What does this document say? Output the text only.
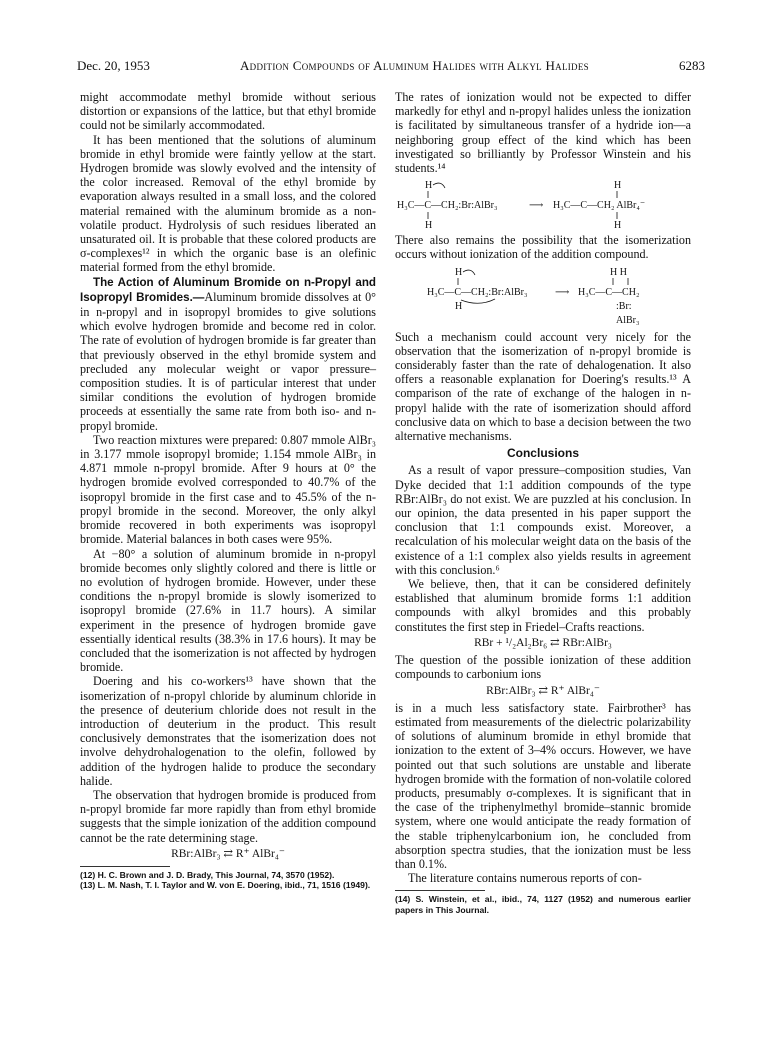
Dec. 20, 1953	Addition Compounds of Aluminum Halides with Alkyl Halides	6283

might accommodate methyl bromide without serious distortion or expansions of the lattice, but that ethyl bromide could not be similarly accommodated.

It has been mentioned that the solutions of aluminum bromide in ethyl bromide were faintly yellow at the start. Hydrogen bromide was slowly evolved and the intensity of the color increased. Removal of the ethyl bromide by evaporation always resulted in a small loss, and the colored material remained with the aluminum bromide as a non-volatile product. Hydrolysis of such residues liberated an unsaturated oil. It is probable that these colored products are σ-complexes¹² in which the organic base is an olefinic material formed from the ethyl bromide.

The Action of Aluminum Bromide on n-Propyl and Isopropyl Bromides.—Aluminum bromide dissolves at 0° in n-propyl and in isopropyl bromides to give solutions which evolve hydrogen bromide and become red in color. The rate of evolution of hydrogen bromide is far greater than that previously observed in the ethyl bromide system and precluded any molecular weight or vapor pressure–composition studies. It is of particular interest that under similar conditions the evolution of hydrogen bromide proceeds at essentially the same rate from both iso- and n-propyl bromide.

Two reaction mixtures were prepared: 0.807 mmole AlBr₃ in 3.177 mmole isopropyl bromide; 1.154 mmole AlBr₃ in 4.871 mmole n-propyl bromide. After 9 hours at 0° the hydrogen bromide evolved corresponded to 40.7% of the isopropyl bromide in the first case and to 45.5% of the n-propyl bromide in the second. Moreover, the only alkyl bromide recovered in both experiments was isopropyl bromide. Material balances in both cases were 95%.

At −80° a solution of aluminum bromide in n-propyl bromide becomes only slightly colored and there is little or no evolution of hydrogen bromide. However, under these conditions the n-propyl bromide is slowly isomerized to isopropyl bromide (27.6% in 11.7 hours). A similar experiment in the presence of hydrogen bromide gave essentially identical results (38.3% in 17.6 hours). It may be concluded that the isomerization is not affected by hydrogen bromide.

Doering and his co-workers¹³ have shown that the isomerization of n-propyl chloride by aluminum chloride in the presence of deuterium chloride does not result in the introduction of deuterium in the product. This result conclusively demonstrates that the isomerization does not involve dehydrohalogenation to the olefin, followed by addition of the hydrogen halide to produce the secondary halide.

The observation that hydrogen bromide is produced from n-propyl bromide far more rapidly than from ethyl bromide suggests that the simple ionization of the addition compound cannot be the rate determining stage.

RBr:AlBr₃ ⇄ R⁺ AlBr₄⁻
(12) H. C. Brown and J. D. Brady, This Journal, 74, 3570 (1952).
(13) L. M. Nash, T. I. Taylor and W. von E. Doering, ibid., 71, 1516 (1949).

The rates of ionization would not be expected to differ markedly for ethyl and n-propyl halides unless the ionization is facilitated by simultaneous transfer of a hydride ion—a neighboring group effect of the kind which has been investigated so brilliantly by Professor Winstein and his students.¹⁴

H	H
H₃C—C—CH₂:Br:AlBr₃	⟶ H₃C—C—CH₂ AlBr₄⁻
H	H

There also remains the possibility that the isomerization occurs without ionization of the addition compound.

H	H H
H₃C—C—CH₂:Br:AlBr₃	⟶ H₃C—C—CH₂
H	:Br:
AlBr₃

Such a mechanism could account very nicely for the observation that the isomerization of n-propyl bromide is considerably faster than the rate of dehalogenation. It also offers a reasonable explanation for Doering's results.¹³ A comparison of the rate of exchange of the halogen in n-propyl halide with the rate of isomerization should afford conclusive data on which to base a decision between the two alternative mechanisms.

Conclusions

As a result of vapor pressure–composition studies, Van Dyke decided that 1:1 addition compounds of the type RBr:AlBr₃ do not exist. We are puzzled at his conclusion. In our opinion, the data presented in his paper support the conclusion that 1:1 compounds exist. Moreover, a recalculation of his molecular weight data on the basis of the existence of a 1:1 complex also yields results in agreement with this conclusion.⁶

We believe, then, that it can be considered definitely established that aluminum bromide forms 1:1 addition compounds with alkyl bromides and this probably constitutes the first step in Friedel–Crafts reactions.

RBr + ¹/₂Al₂Br₆ ⇄ RBr:AlBr₃

The question of the possible ionization of these addition compounds to carbonium ions

RBr:AlBr₃ ⇄ R⁺ AlBr₄⁻

is in a much less satisfactory state. Fairbrother³ has estimated from measurements of the dielectric polarizability of solutions of aluminum bromide in ethyl bromide that ionization to the extent of 3–4% occurs. However, we have pointed out that such solutions are unstable and liberate hydrogen bromide with the formation of non-volatile colored products, presumably σ-complexes. It is significant that in the case of the triphenylmethyl bromide–stannic bromide system, where one would anticipate the ready formation of the stable triphenylcarbonium ion, he concluded from absorption spectra studies, that the ionization must be less than 0.1%.

The literature contains numerous reports of con-

(14) S. Winstein, et al., ibid., 74, 1127 (1952) and numerous earlier papers in This Journal.
